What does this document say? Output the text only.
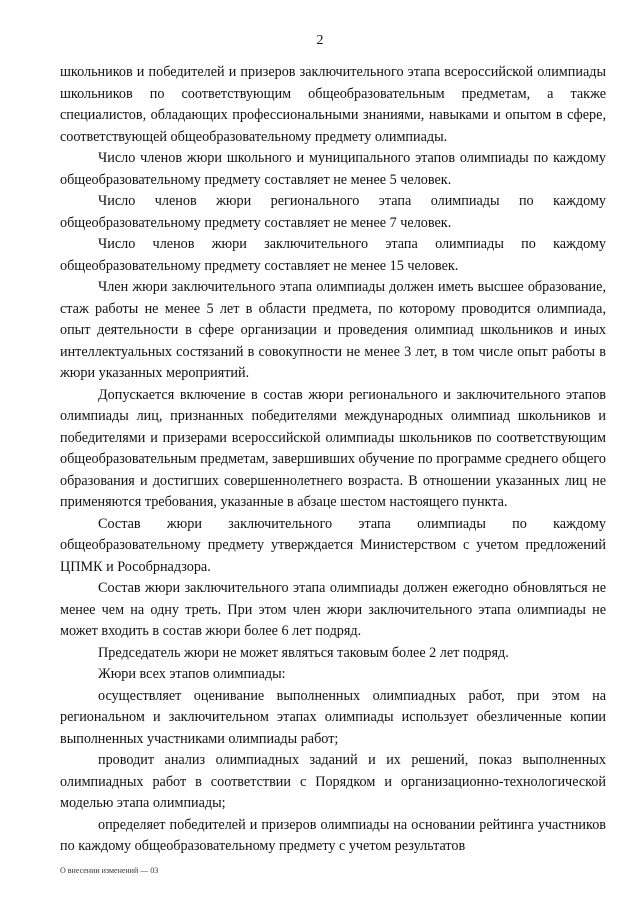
2

школьников и победителей и призеров заключительного этапа всероссийской олимпиады школьников по соответствующим общеобразовательным предметам, а также специалистов, обладающих профессиональными знаниями, навыками и опытом в сфере, соответствующей общеобразовательному предмету олимпиады.

Число членов жюри школьного и муниципального этапов олимпиады по каждому общеобразовательному предмету составляет не менее 5 человек.

Число членов жюри регионального этапа олимпиады по каждому общеобразовательному предмету составляет не менее 7 человек.

Число членов жюри заключительного этапа олимпиады по каждому общеобразовательному предмету составляет не менее 15 человек.

Член жюри заключительного этапа олимпиады должен иметь высшее образование, стаж работы не менее 5 лет в области предмета, по которому проводится олимпиада, опыт деятельности в сфере организации и проведения олимпиад школьников и иных интеллектуальных состязаний в совокупности не менее 3 лет, в том числе опыт работы в жюри указанных мероприятий.

Допускается включение в состав жюри регионального и заключительного этапов олимпиады лиц, признанных победителями международных олимпиад школьников и победителями и призерами всероссийской олимпиады школьников по соответствующим общеобразовательным предметам, завершивших обучение по программе среднего общего образования и достигших совершеннолетнего возраста. В отношении указанных лиц не применяются требования, указанные в абзаце шестом настоящего пункта.

Состав жюри заключительного этапа олимпиады по каждому общеобразовательному предмету утверждается Министерством с учетом предложений ЦПМК и Рособрнадзора.

Состав жюри заключительного этапа олимпиады должен ежегодно обновляться не менее чем на одну треть. При этом член жюри заключительного этапа олимпиады не может входить в состав жюри более 6 лет подряд.

Председатель жюри не может являться таковым более 2 лет подряд.

Жюри всех этапов олимпиады:

осуществляет оценивание выполненных олимпиадных работ, при этом на региональном и заключительном этапах олимпиады использует обезличенные копии выполненных участниками олимпиады работ;

проводит анализ олимпиадных заданий и их решений, показ выполненных олимпиадных работ в соответствии с Порядком и организационно-технологической моделью этапа олимпиады;

определяет победителей и призеров олимпиады на основании рейтинга участников по каждому общеобразовательному предмету с учетом результатов

О внесении изменений — 03
